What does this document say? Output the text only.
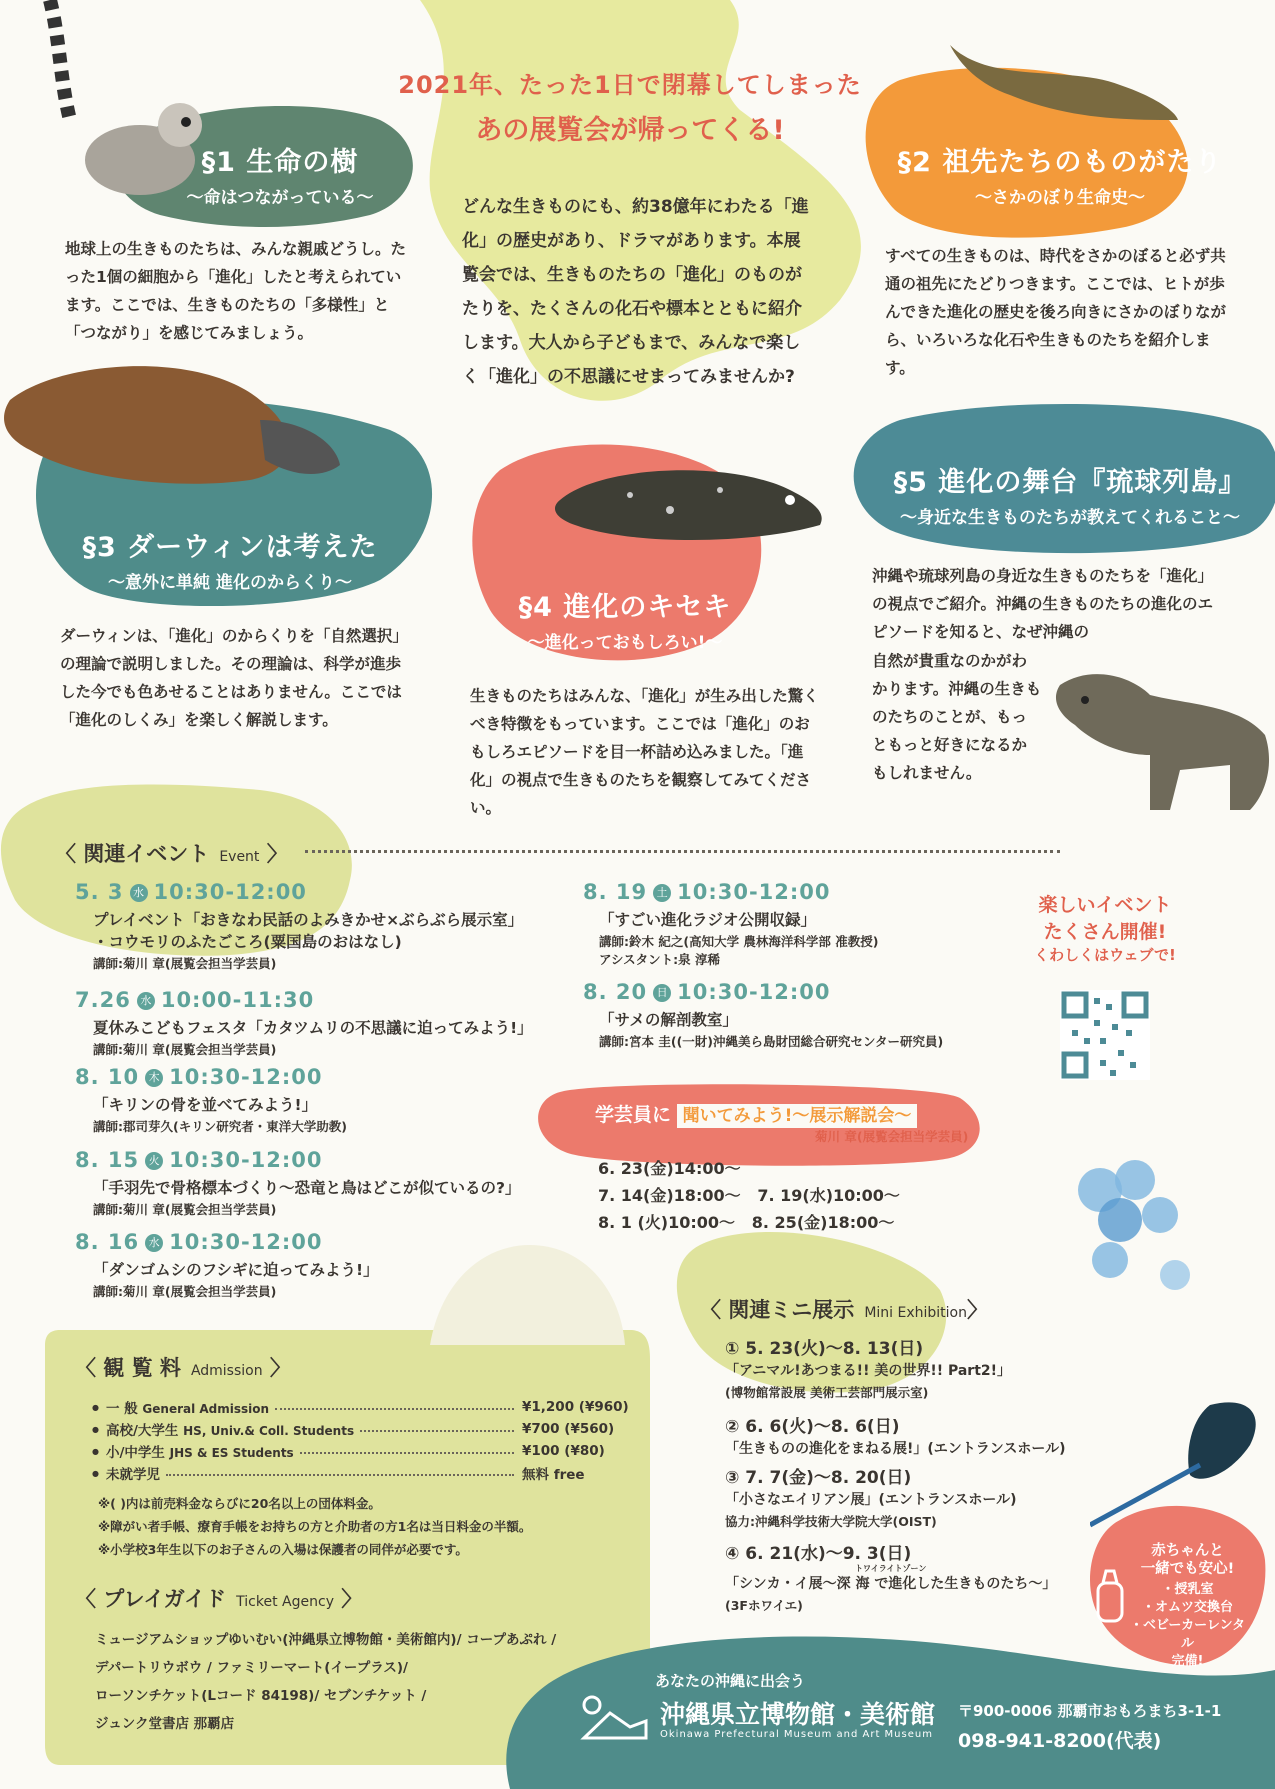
2021年、たった1日で閉幕してしまった
あの展覧会が帰ってくる!
どんな生きものにも、約38億年にわたる「進化」の歴史があり、ドラマがあります。本展覧会では、生きものたちの「進化」のものがたりを、たくさんの化石や標本とともに紹介します。大人から子どもまで、みんなで楽しく「進化」の不思議にせまってみませんか?
§1 生命の樹
〜命はつながっている〜
地球上の生きものたちは、みんな親戚どうし。たった1個の細胞から「進化」したと考えられています。ここでは、生きものたちの「多様性」と「つながり」を感じてみましょう。
§2 祖先たちのものがたり
〜さかのぼり生命史〜
すべての生きものは、時代をさかのぼると必ず共通の祖先にたどりつきます。ここでは、ヒトが歩んできた進化の歴史を後ろ向きにさかのぼりながら、いろいろな化石や生きものたちを紹介します。
§3 ダーウィンは考えた
〜意外に単純 進化のからくり〜
ダーウィンは、「進化」のからくりを「自然選択」の理論で説明しました。その理論は、科学が進歩した今でも色あせることはありません。ここでは「進化のしくみ」を楽しく解説します。
§4 進化のキセキ
〜進化っておもしろい!〜
生きものたちはみんな、「進化」が生み出した驚くべき特徴をもっています。ここでは「進化」のおもしろエピソードを目一杯詰め込みました。「進化」の視点で生きものたちを観察してみてください。
§5 進化の舞台『琉球列島』
〜身近な生きものたちが教えてくれること〜
沖縄や琉球列島の身近な生きものたちを「進化」の視点でご紹介。沖縄の生きものたちの進化のエピソードを知ると、なぜ沖縄の
自然が貴重なのかがわかります。沖縄の生きものたちのことが、もっともっと好きになるかもしれません。
〈 関連イベント Event 〉
5. 3 水 10:30-12:00
プレイベント「おきなわ民話のよみきかせ×ぶらぶら展示室」
・コウモリのふたごころ(粟国島のおはなし)
講師:菊川 章(展覧会担当学芸員)
7.26 水 10:00-11:30
夏休みこどもフェスタ「カタツムリの不思議に迫ってみよう!」
講師:菊川 章(展覧会担当学芸員)
8. 10 木 10:30-12:00
「キリンの骨を並べてみよう!」
講師:郡司芽久(キリン研究者・東洋大学助教)
8. 15 火 10:30-12:00
「手羽先で骨格標本づくり〜恐竜と鳥はどこが似ているの?」
講師:菊川 章(展覧会担当学芸員)
8. 16 水 10:30-12:00
「ダンゴムシのフシギに迫ってみよう!」
講師:菊川 章(展覧会担当学芸員)
8. 19 土 10:30-12:00
「すごい進化ラジオ公開収録」
講師:鈴木 紀之(高知大学 農林海洋科学部 准教授)
アシスタント:泉 淳稀
8. 20 日 10:30-12:00
「サメの解剖教室」
講師:宮本 圭((一財)沖縄美ら島財団総合研究センター研究員)
楽しいイベント
たくさん開催!
くわしくはウェブで!
学芸員に 聞いてみよう!〜展示解説会〜
菊川 章(展覧会担当学芸員)
6. 23(金)14:00〜
7. 14(金)18:00〜 7. 19(水)10:00〜
8. 1 (火)10:00〜 8. 25(金)18:00〜
〈 関連ミニ展示 Mini Exhibition〉
① 5. 23(火)〜8. 13(日)
「アニマル!あつまる!! 美の世界!! Part2!」
(博物館常設展 美術工芸部門展示室)
② 6. 6(火)〜8. 6(日)
「生きものの進化をまねる展!」(エントランスホール)
③ 7. 7(金)〜8. 20(日)
「小さなエイリアン展」(エントランスホール)
協力:沖縄科学技術大学院大学(OIST)
④ 6. 21(水)〜9. 3(日)
トワイライトゾーン
「シンカ・イ展〜深 海 で進化した生きものたち〜」
(3Fホワイエ)
〈 観 覧 料 Admission 〉
● 一 般 General Admission	¥1,200 (¥960)
● 高校/大学生 HS, Univ.& Coll. Students	¥700 (¥560)
● 小/中学生 JHS & ES Students	¥100 (¥80)
● 未就学児	無料 free
※( )内は前売料金ならびに20名以上の団体料金。
※障がい者手帳、療育手帳をお持ちの方と介助者の方1名は当日料金の半額。
※小学校3年生以下のお子さんの入場は保護者の同伴が必要です。
〈 プレイガイド Ticket Agency 〉
ミュージアムショップゆいむい(沖縄県立博物館・美術館内)/ コープあぷれ /
デパートリウボウ / ファミリーマート(イープラス)/
ローソンチケット(Lコード 84198)/ セブンチケット /
ジュンク堂書店 那覇店
赤ちゃんと
一緒でも安心!
・授乳室
・オムツ交換台
・ベビーカーレンタル
完備!
あなたの沖縄に出会う
沖縄県立博物館・美術館
Okinawa Prefectural Museum and Art Museum
〒900-0006 那覇市おもろまち3-1-1
098-941-8200(代表)
